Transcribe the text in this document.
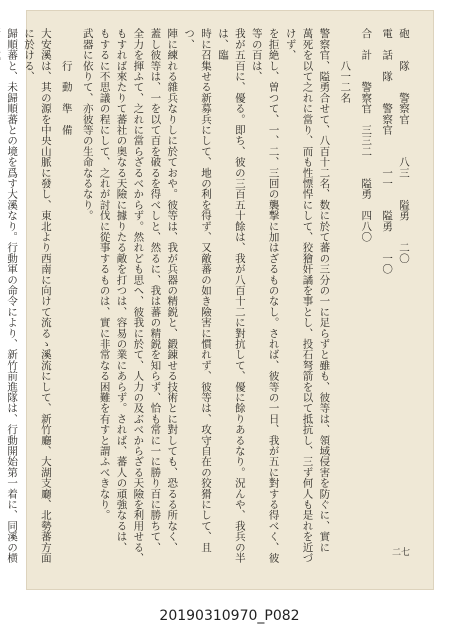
砲　　隊　　警察官　　　八三　　隘勇　　二〇

電　話　隊　　警察官　　　一一　　隘勇　　一〇

合　計　　警察官　三三二　　隘勇　四八〇

　　　八一二名

警察官、隘勇合せて、八百十二名、数に於て蕃の三分の一に足らずと雖も、彼等は、領域侵害を防ぐに、實に

萬死を以て之れに當り、而も性慓悍にして、狡獪奸譎を事とし、投石弩箭を以て抵抗し、三ず何人も是れを近づけず、

を拒絶し、曽つて、一、二、三回の襲撃に加はざるものなし。されば、彼等の一日、我が五に對する得べく、彼等の百は、

我が五百に、優る。即ち、彼の三百五十餘は、我が八百十二に對抗して、優に餘りあるなり。況んや、我兵の半は、臨

時に召集せる新募兵にして、地の利を得ず、又敵蕃の如き險害に慣れず、彼等は、攻守自在の狡猾にして、且つ、

陣に練れる雜兵なりしに於ておや。彼等は、我が兵器の精鋭と、鍛錬せる技術とに對しても、恐るる所なく、

蓋し彼等は、一を以て百を破るを得べしと、然るに、我は蕃の精鋭を知らず、恰も常に一に勝り百に勝ちて、

全力を揮ふて、之れに當らざるべからず。然れども思へ、彼我に於て、人力の及ぶべからざる天險を利用せる、

もすれば來たりて蕃社の奥なる天險に據りたる敵を打つは、容易の業にあらず。されば、蕃人の頑強なるは、

もするに不思議の程にして、之れが討伐に從事するものは、實に非常なる困難を有すと謂ふべきなり。

武器に依りて、亦彼等の生命なるなり。

　　　行　動　準　備

大安溪は、其の源を中央山脈に發し、東北より西南に向けて流るゝ溪流にして、新竹廳、大湖支廳、北勢蕃方面に於ける、

歸順蕃と、未歸順蕃との境を爲す大溪なり。行動軍の命令により、新竹前進隊は、行動開始第一着に、同溪の横	二七
20190310970_P082
